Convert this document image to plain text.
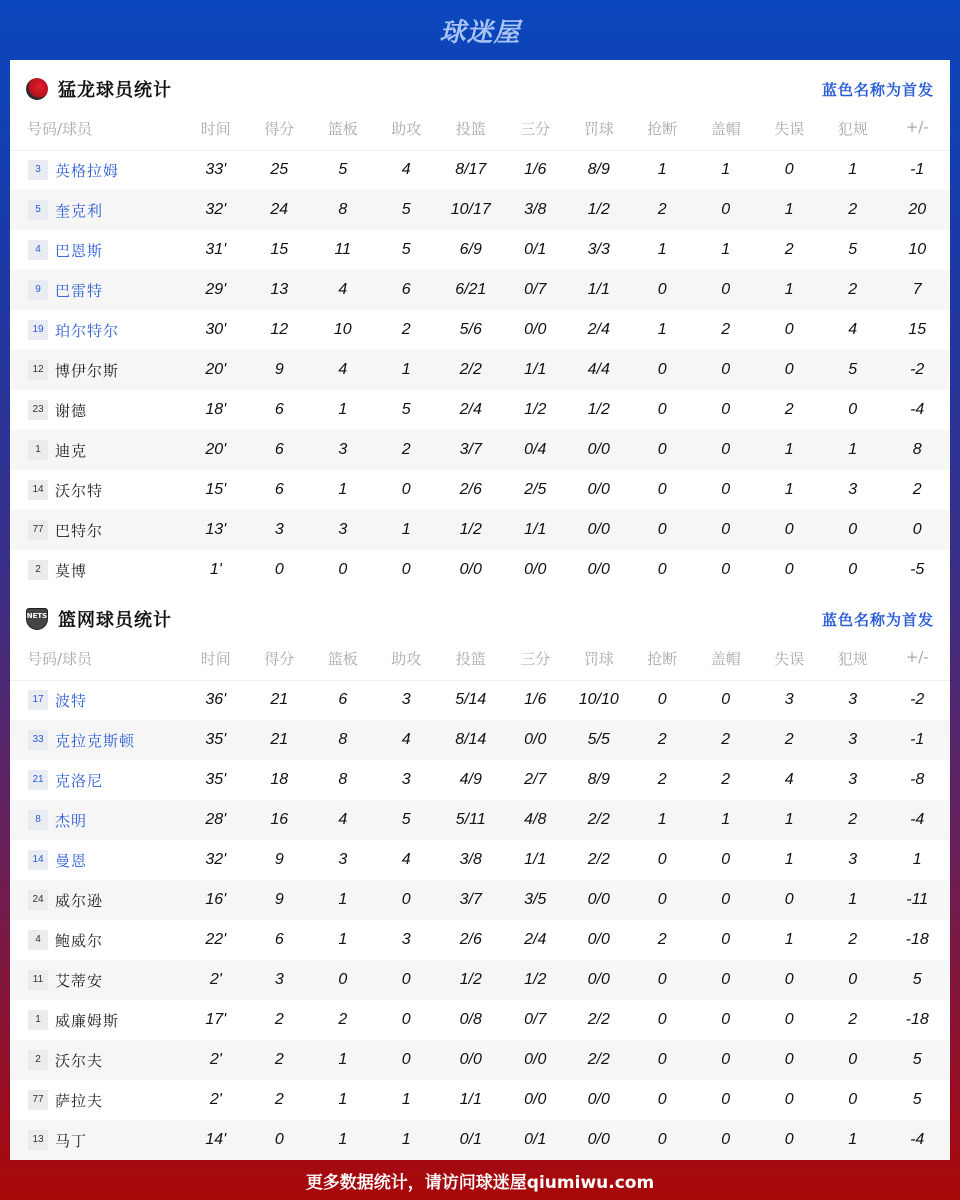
球迷屋
猛龙球员统计	蓝色名称为首发
号码/球员	时间	得分	篮板	助攻	投篮	三分	罚球	抢断	盖帽	失误	犯规	+/-
3 英格拉姆	33'	25	5	4	8/17	1/6	8/9	1	1	0	1	-1
5 奎克利	32'	24	8	5	10/17	3/8	1/2	2	0	1	2	20
4 巴恩斯	31'	15	11	5	6/9	0/1	3/3	1	1	2	5	10
9 巴雷特	29'	13	4	6	6/21	0/7	1/1	0	0	1	2	7
19 珀尔特尔	30'	12	10	2	5/6	0/0	2/4	1	2	0	4	15
12 博伊尔斯	20'	9	4	1	2/2	1/1	4/4	0	0	0	5	-2
23 谢德	18'	6	1	5	2/4	1/2	1/2	0	0	2	0	-4
1 迪克	20'	6	3	2	3/7	0/4	0/0	0	0	1	1	8
14 沃尔特	15'	6	1	0	2/6	2/5	0/0	0	0	1	3	2
77 巴特尔	13'	3	3	1	1/2	1/1	0/0	0	0	0	0	0
2 莫博	1'	0	0	0	0/0	0/0	0/0	0	0	0	0	-5
NETS 篮网球员统计	蓝色名称为首发
号码/球员	时间	得分	篮板	助攻	投篮	三分	罚球	抢断	盖帽	失误	犯规	+/-
17 波特	36'	21	6	3	5/14	1/6	10/10	0	0	3	3	-2
33 克拉克斯顿	35'	21	8	4	8/14	0/0	5/5	2	2	2	3	-1
21 克洛尼	35'	18	8	3	4/9	2/7	8/9	2	2	4	3	-8
8 杰明	28'	16	4	5	5/11	4/8	2/2	1	1	1	2	-4
14 曼恩	32'	9	3	4	3/8	1/1	2/2	0	0	1	3	1
24 威尔逊	16'	9	1	0	3/7	3/5	0/0	0	0	0	1	-11
4 鲍威尔	22'	6	1	3	2/6	2/4	0/0	2	0	1	2	-18
11 艾蒂安	2'	3	0	0	1/2	1/2	0/0	0	0	0	0	5
1 威廉姆斯	17'	2	2	0	0/8	0/7	2/2	0	0	0	2	-18
2 沃尔夫	2'	2	1	0	0/0	0/0	2/2	0	0	0	0	5
77 萨拉夫	2'	2	1	1	1/1	0/0	0/0	0	0	0	0	5
13 马丁	14'	0	1	1	0/1	0/1	0/0	0	0	0	1	-4
更多数据统计，请访问球迷屋qiumiwu.com
